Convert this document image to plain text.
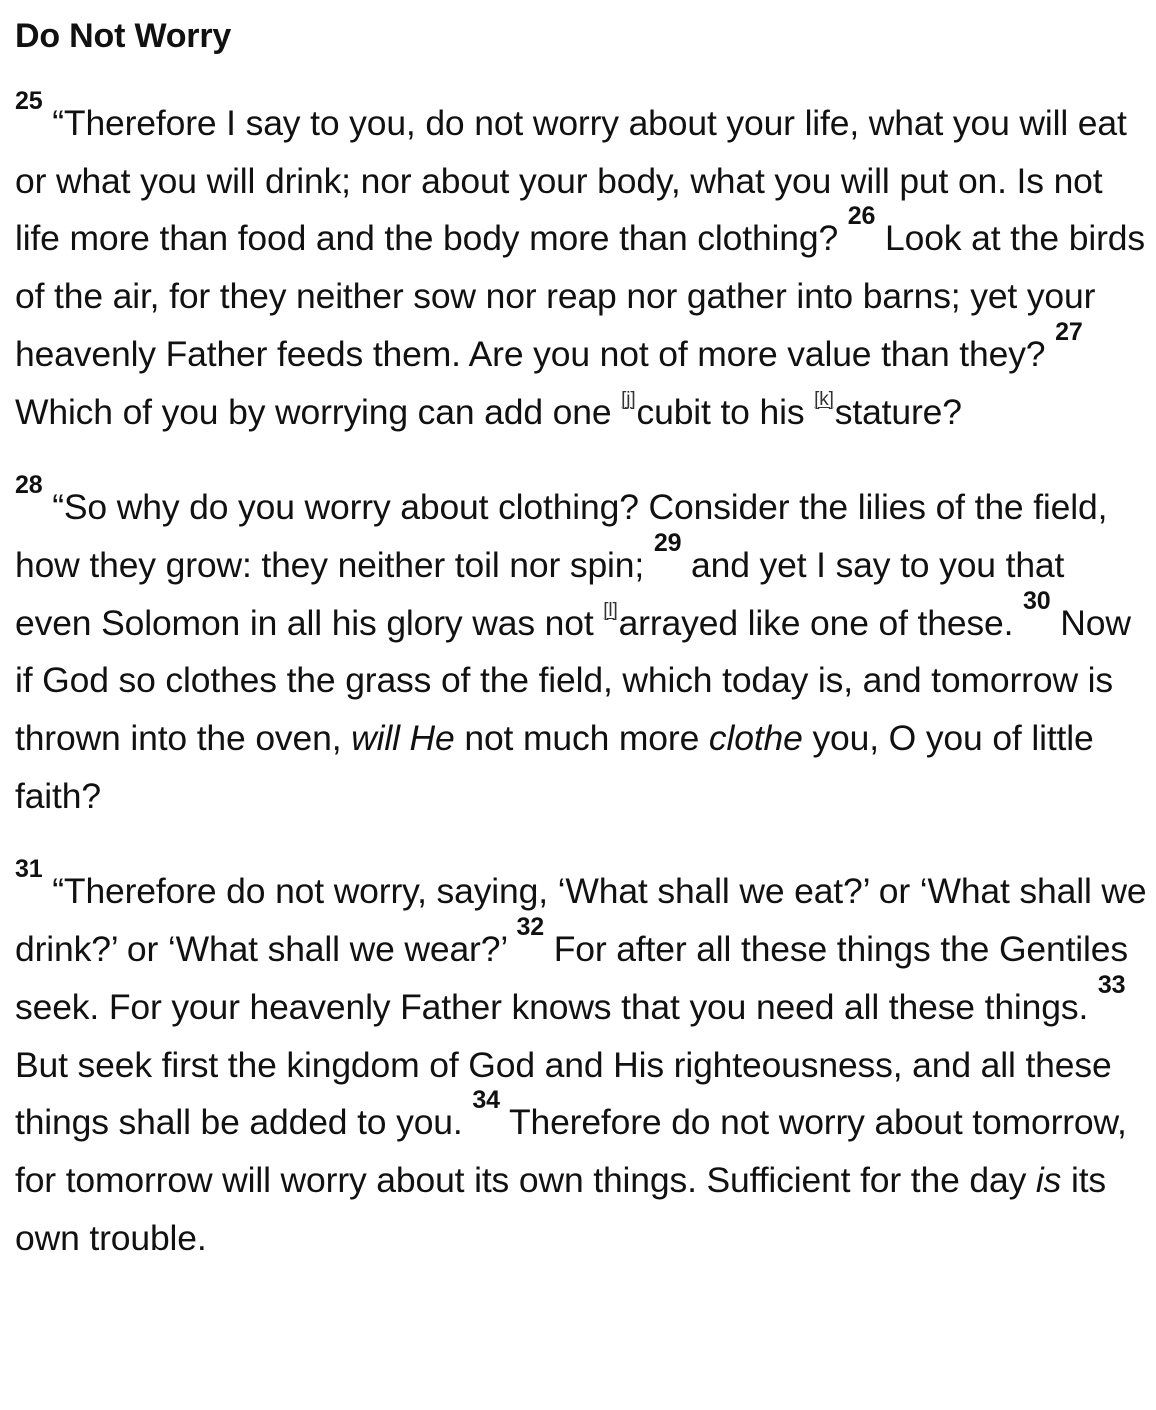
Do Not Worry

$^{25}$ “Therefore I say to you, do not worry about your life, what you will eat or what you will drink; nor about your body, what you will put on. Is not life more than food and the body more than clothing? $^{26}$ Look at the birds of the air, for they neither sow nor reap nor gather into barns; yet your heavenly Father feeds them. Are you not of more value than they? $^{27}$ Which of you by worrying can add one [j]cubit to his [k]stature?

$^{28}$ “So why do you worry about clothing? Consider the lilies of the field, how they grow: they neither toil nor spin; $^{29}$ and yet I say to you that even Solomon in all his glory was not [l]arrayed like one of these. $^{30}$ Now if God so clothes the grass of the field, which today is, and tomorrow is thrown into the oven, will He not much more clothe you, O you of little faith?

$^{31}$ “Therefore do not worry, saying, ‘What shall we eat?’ or ‘What shall we drink?’ or ‘What shall we wear?’ $^{32}$ For after all these things the Gentiles seek. For your heavenly Father knows that you need all these things. $^{33}$ But seek first the kingdom of God and His righteousness, and all these things shall be added to you. $^{34}$ Therefore do not worry about tomorrow, for tomorrow will worry about its own things. Sufficient for the day is its own trouble.
